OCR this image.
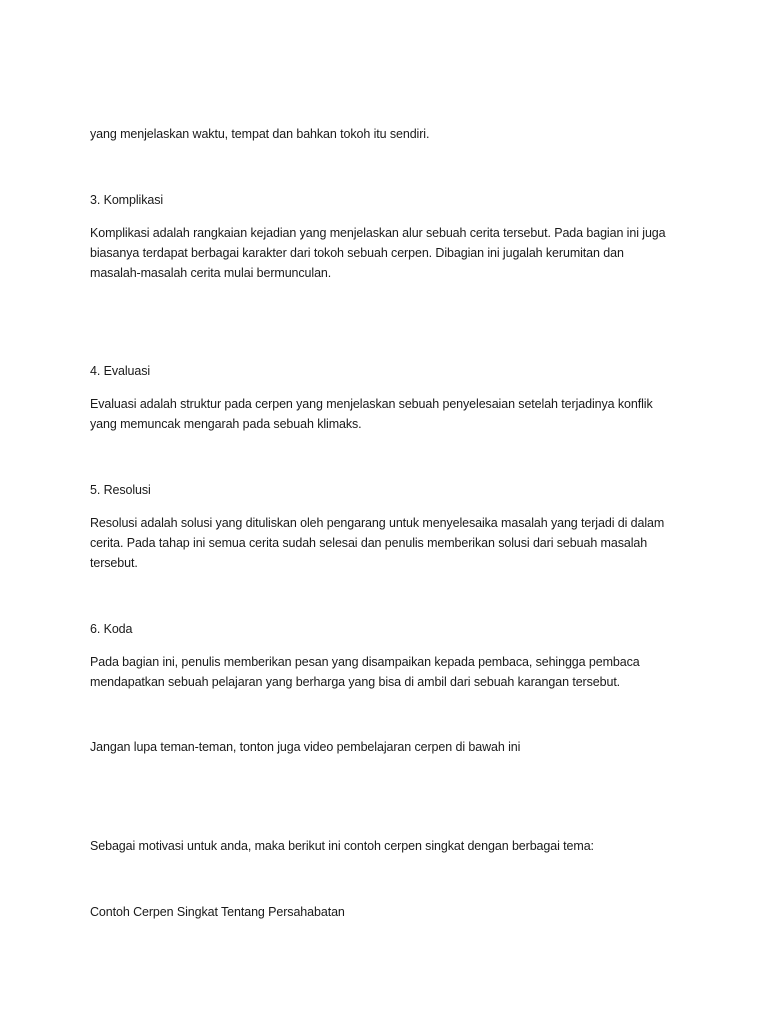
yang menjelaskan waktu, tempat dan bahkan tokoh itu sendiri.
3. Komplikasi
Komplikasi adalah rangkaian kejadian yang menjelaskan alur sebuah cerita tersebut. Pada bagian ini juga
biasanya terdapat berbagai karakter dari tokoh sebuah cerpen. Dibagian ini jugalah kerumitan dan
masalah-masalah cerita mulai bermunculan.
4. Evaluasi
Evaluasi adalah struktur pada cerpen yang menjelaskan sebuah penyelesaian setelah terjadinya konflik
yang memuncak mengarah pada sebuah klimaks.
5. Resolusi
Resolusi adalah solusi yang dituliskan oleh pengarang untuk menyelesaika masalah yang terjadi di dalam
cerita. Pada tahap ini semua cerita sudah selesai dan penulis memberikan solusi dari sebuah masalah
tersebut.
6. Koda
Pada bagian ini, penulis memberikan pesan yang disampaikan kepada pembaca, sehingga pembaca
mendapatkan sebuah pelajaran yang berharga yang bisa di ambil dari sebuah karangan tersebut.
Jangan lupa teman-teman, tonton juga video pembelajaran cerpen di bawah ini
Sebagai motivasi untuk anda, maka berikut ini contoh cerpen singkat dengan berbagai tema:
Contoh Cerpen Singkat Tentang Persahabatan
